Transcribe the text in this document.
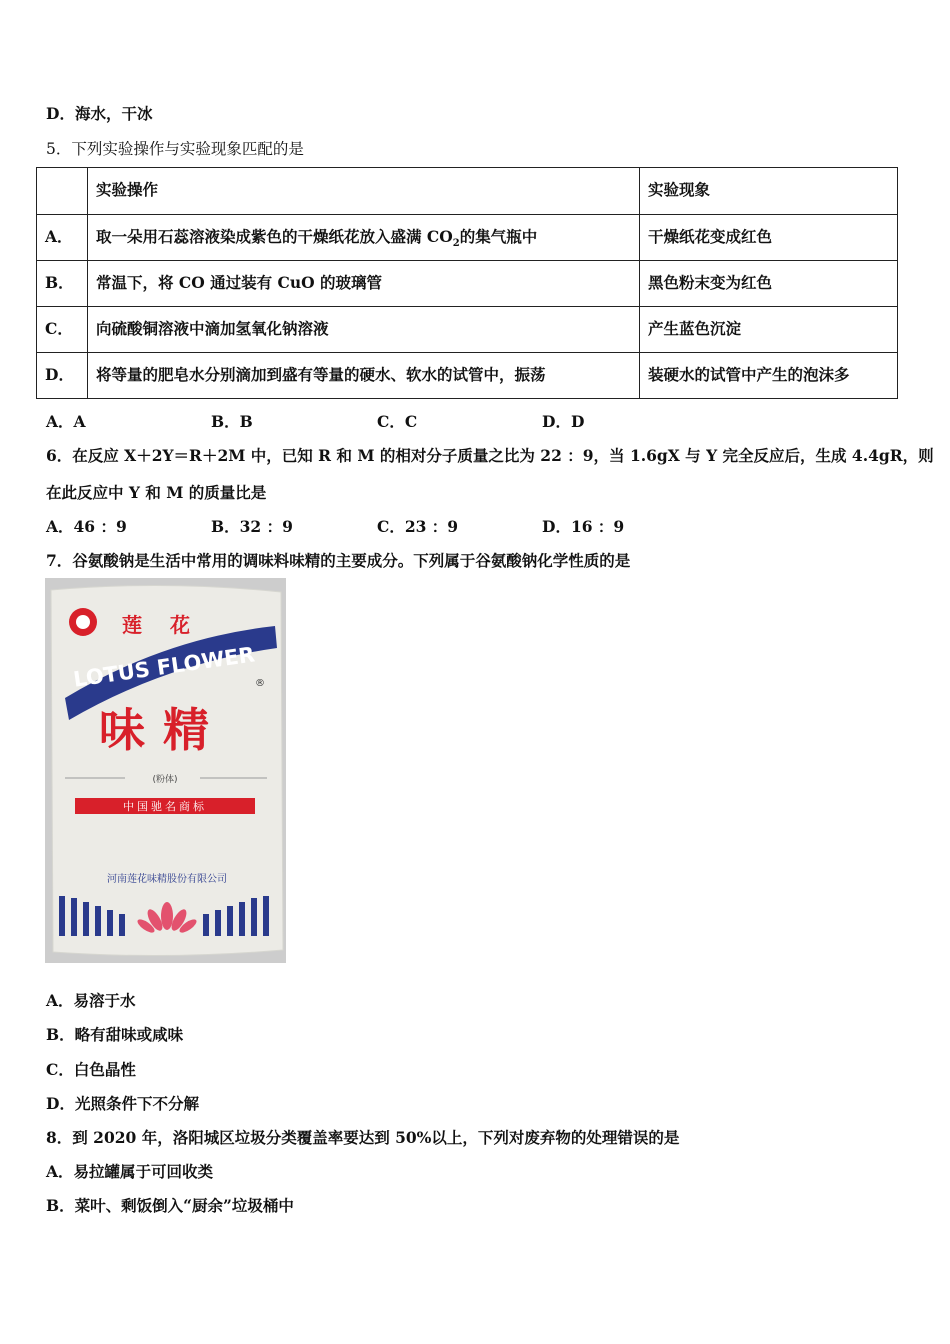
D．海水，干冰
5．下列实验操作与实验现象匹配的是
	实验操作	实验现象
A．	取一朵用石蕊溶液染成紫色的干燥纸花放入盛满 $CO_2$的集气瓶中	干燥纸花变成红色
B．	常温下，将 CO 通过装有 CuO 的玻璃管	黑色粉末变为红色
C．	向硫酸铜溶液中滴加氢氧化钠溶液	产生蓝色沉淀
D．	将等量的肥皂水分别滴加到盛有等量的硬水、软水的试管中，振荡	装硬水的试管中产生的泡沫多
A．A	B．B	C．C	D．D
6．在反应 X＋2Y＝R＋2M 中，已知 R 和 M 的相对分子质量之比为 22 ：9，当 1.6gX 与 Y 完全反应后，生成 4.4gR，则
在此反应中 Y 和 M 的质量比是
A．46 ：9	B．32 ：9	C．23 ：9	D．16 ：9
7．谷氨酸钠是生活中常用的调味料味精的主要成分。下列属于谷氨酸钠化学性质的是
LOTUS FLOWER
莲花
®
味精
(粉体)
中国驰名商标
河南莲花味精股份有限公司
A．易溶于水
B．略有甜味或咸味
C．白色晶性
D．光照条件下不分解
8．到 2020 年，洛阳城区垃圾分类覆盖率要达到 50%以上，下列对废弃物的处理错误的是
A．易拉罐属于可回收类
B．菜叶、剩饭倒入“厨余”垃圾桶中
